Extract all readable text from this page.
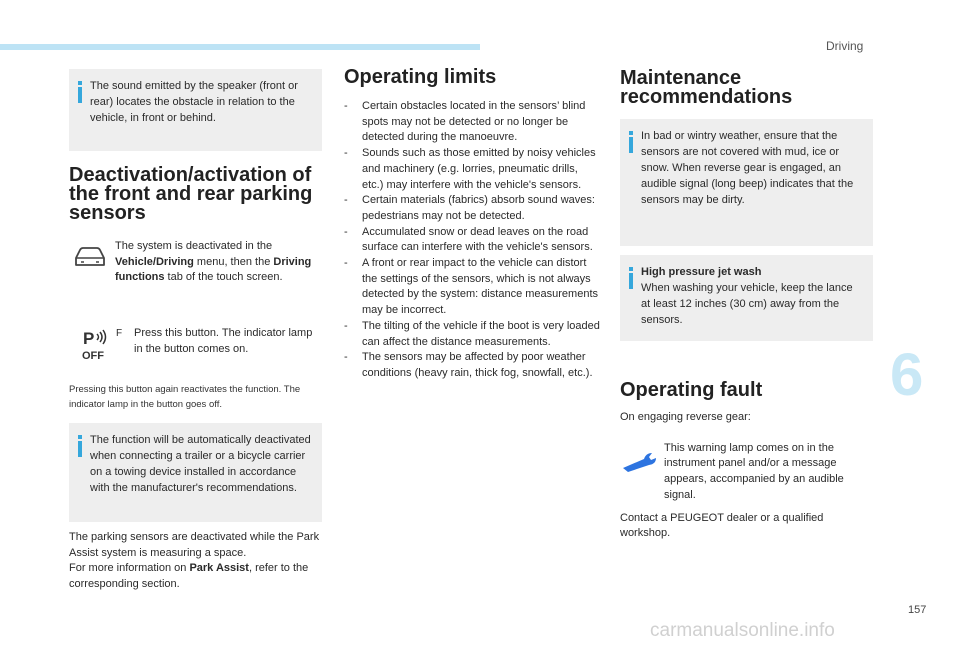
Driving
6
157
carmanualsonline.info
The sound emitted by the speaker (front or rear) locates the obstacle in relation to the vehicle, in front or behind.
Deactivation/activation of the front and rear parking sensors
The system is deactivated in the Vehicle/Driving menu, then the Driving functions tab of the touch screen.
P
OFF
F	Press this button. The indicator lamp in the button comes on.
Pressing this button again reactivates the function. The indicator lamp in the button goes off.
The function will be automatically deactivated when connecting a trailer or a bicycle carrier on a towing device installed in accordance with the manufacturer's recommendations.
The parking sensors are deactivated while the Park Assist system is measuring a space.
For more information on Park Assist, refer to the corresponding section.
Operating limits
- Certain obstacles located in the sensors’ blind spots may not be detected or no longer be detected during the manoeuvre.
- Sounds such as those emitted by noisy vehicles and machinery (e.g. lorries, pneumatic drills, etc.) may interfere with the vehicle's sensors.
- Certain materials (fabrics) absorb sound waves: pedestrians may not be detected.
- Accumulated snow or dead leaves on the road surface can interfere with the vehicle's sensors.
- A front or rear impact to the vehicle can distort the settings of the sensors, which is not always detected by the system: distance measurements may be incorrect.
- The tilting of the vehicle if the boot is very loaded can affect the distance measurements.
- The sensors may be affected by poor weather conditions (heavy rain, thick fog, snowfall, etc.).
Maintenance recommendations
In bad or wintry weather, ensure that the sensors are not covered with mud, ice or snow. When reverse gear is engaged, an audible signal (long beep) indicates that the sensors may be dirty.
High pressure jet wash
When washing your vehicle, keep the lance at least 12 inches (30 cm) away from the sensors.
Operating fault
On engaging reverse gear:
This warning lamp comes on in the instrument panel and/or a message appears, accompanied by an audible signal.
Contact a PEUGEOT dealer or a qualified workshop.
